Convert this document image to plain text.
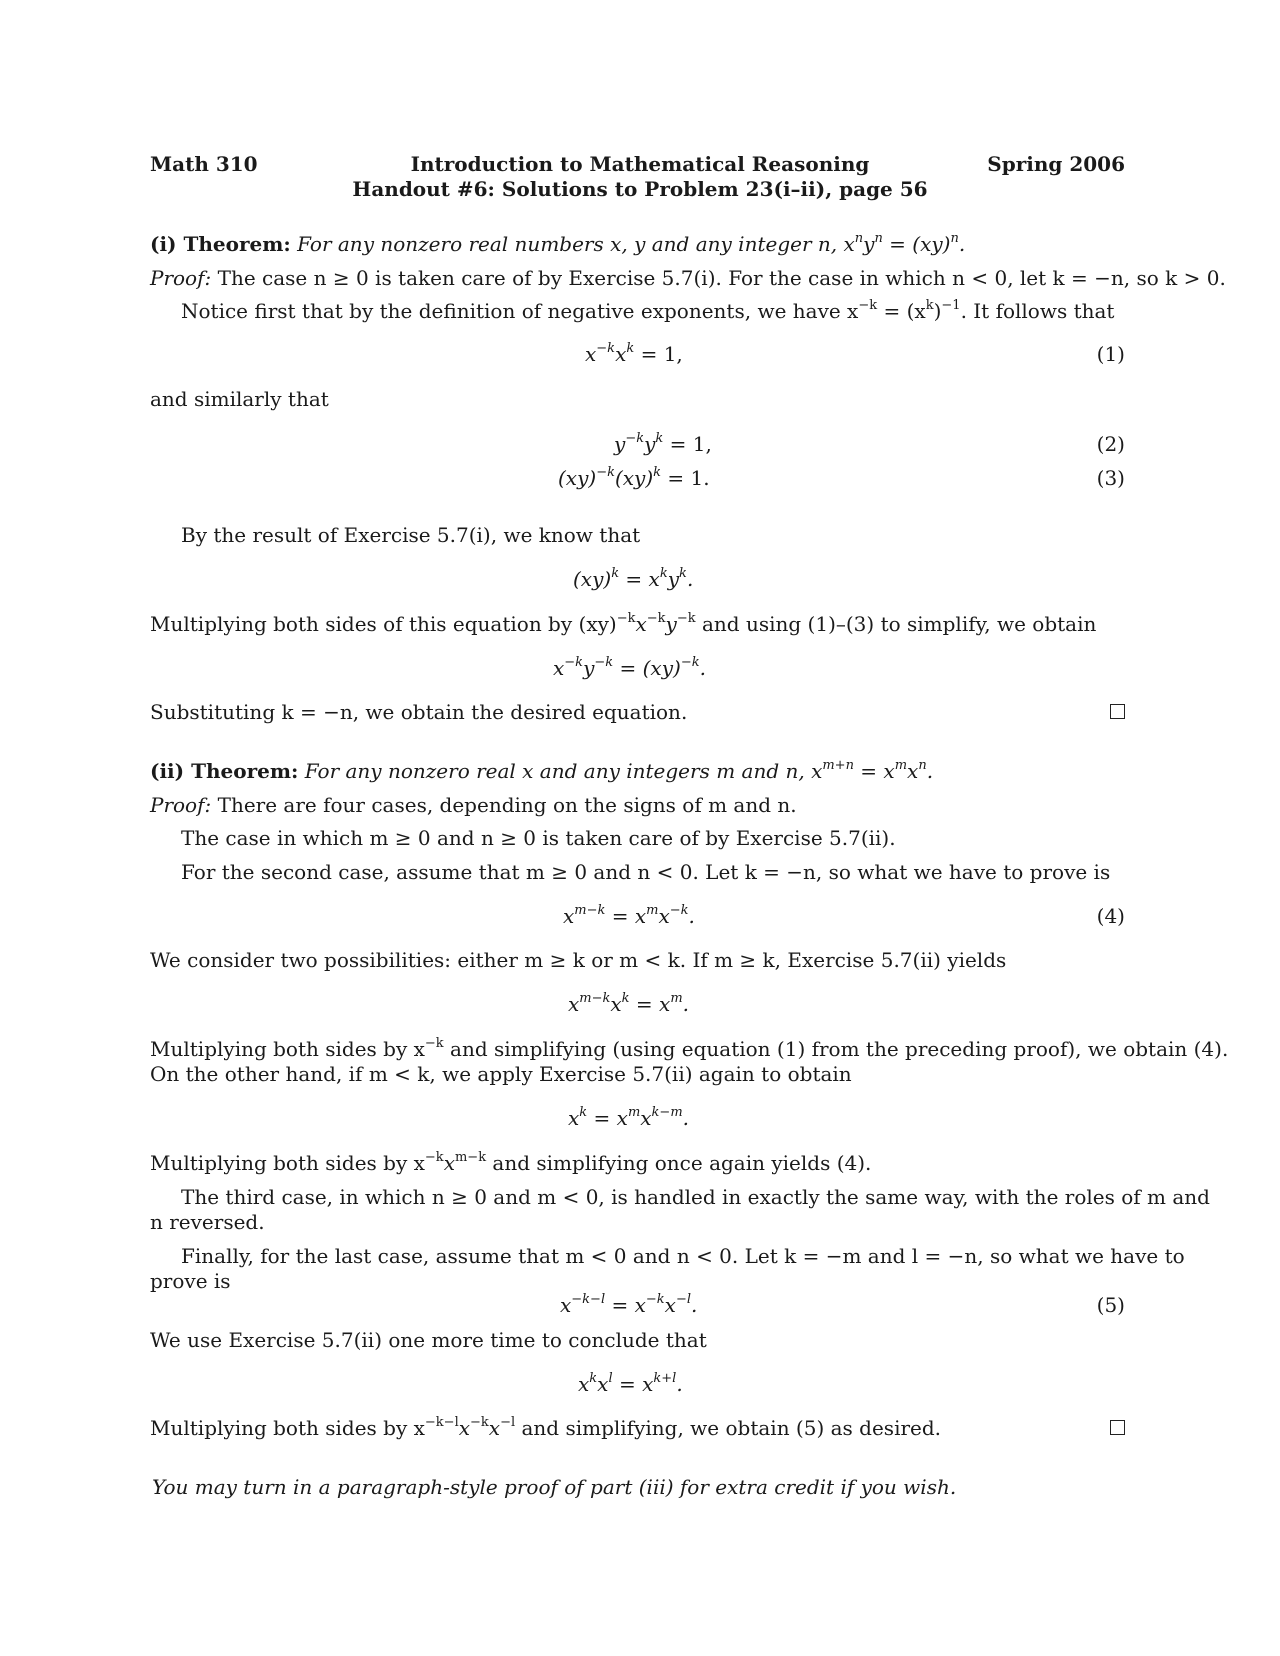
Math 310	Introduction to Mathematical Reasoning
Handout #6: Solutions to Problem 23(i–ii), page 56
Spring 2006
(i) Theorem: For any nonzero real numbers x, y and any integer n, $x^ny^n = (xy)^n$.
Proof: The case n ≥ 0 is taken care of by Exercise 5.7(i). For the case in which n < 0, let k = −n, so k > 0.
Notice first that by the definition of negative exponents, we have $x^{-k} = (x^k)^{-1}$. It follows that
$x^{-k}x^k = 1$,	(1)
and similarly that
$y^{-k}y^k = 1$,	(2)
(xy)$^{-k}$(xy)$^k$ = 1.	(3)
By the result of Exercise 5.7(i), we know that
$(xy)^k = x^ky^k$.
Multiplying both sides of this equation by $(xy)^{-k}x^{-k}y^{-k}$ and using (1)–(3) to simplify, we obtain
$x^{-k}y^{-k} = (xy)^{-k}$.
Substituting k = −n, we obtain the desired equation.
(ii) Theorem: For any nonzero real x and any integers m and n, $x^{m+n} = x^mx^n$.
Proof: There are four cases, depending on the signs of m and n.
The case in which m ≥ 0 and n ≥ 0 is taken care of by Exercise 5.7(ii).
For the second case, assume that m ≥ 0 and n < 0. Let k = −n, so what we have to prove is
$x^{m-k} = x^mx^{-k}$.	(4)
We consider two possibilities: either m ≥ k or m < k. If m ≥ k, Exercise 5.7(ii) yields
$x^{m-k}x^k = x^m$.
Multiplying both sides by $x^{-k}$ and simplifying (using equation (1) from the preceding proof), we obtain (4).
On the other hand, if m < k, we apply Exercise 5.7(ii) again to obtain
$x^k = x^mx^{k-m}$.
Multiplying both sides by $x^{-k}x^{m-k}$ and simplifying once again yields (4).
The third case, in which n ≥ 0 and m < 0, is handled in exactly the same way, with the roles of m and
n reversed.
Finally, for the last case, assume that m < 0 and n < 0. Let k = −m and l = −n, so what we have to
prove is
$x^{-k-l} = x^{-k}x^{-l}$.	(5)
We use Exercise 5.7(ii) one more time to conclude that
$x^kx^l = x^{k+l}$.
Multiplying both sides by $x^{-k-l}x^{-k}x^{-l}$ and simplifying, we obtain (5) as desired.
You may turn in a paragraph-style proof of part (iii) for extra credit if you wish.
